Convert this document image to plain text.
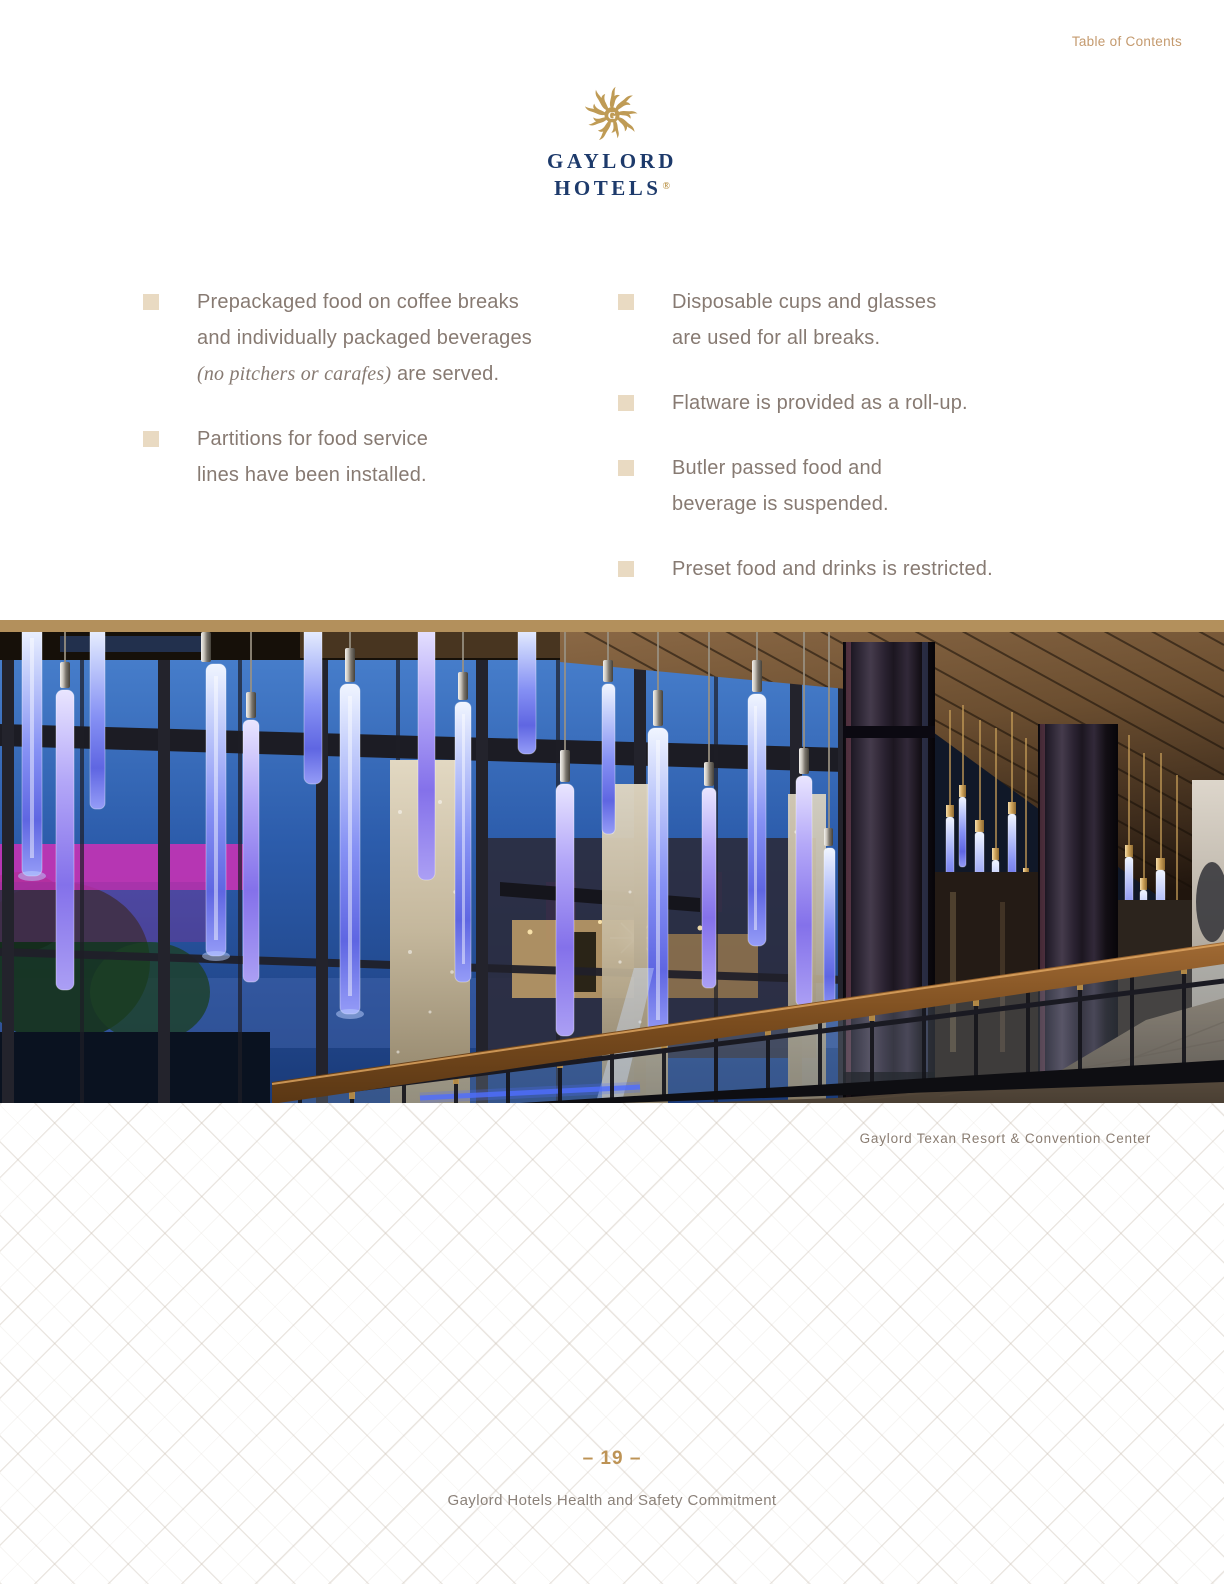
Table of Contents
G
GAYLORD
HOTELS®
Prepackaged food on coffee breaks
and individually packaged beverages
(no pitchers or carafes) are served.
Partitions for food service
lines have been installed.
Disposable cups and glasses
are used for all breaks.
Flatware is provided as a roll-up.
Butler passed food and
beverage is suspended.
Preset food and drinks is restricted.
Gaylord Texan Resort & Convention Center
– 19 –
Gaylord Hotels Health and Safety Commitment
